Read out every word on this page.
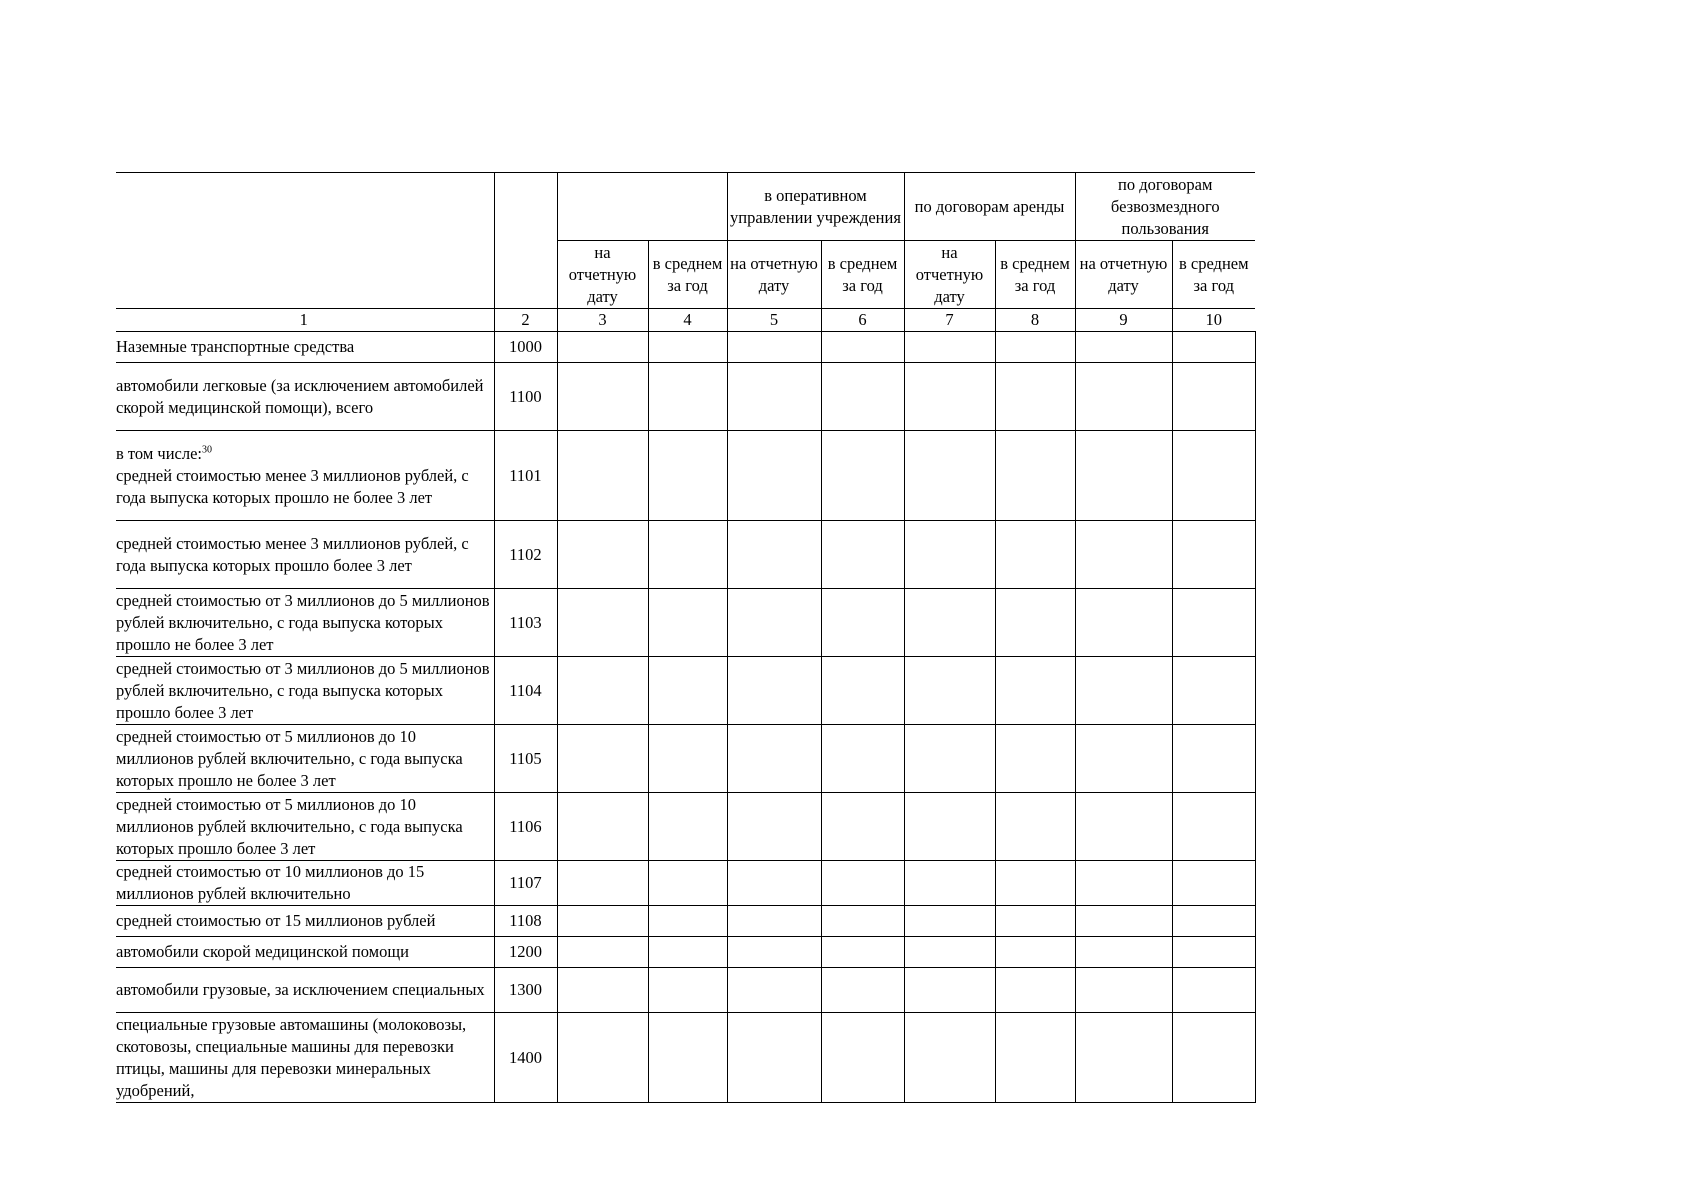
				в оперативном управлении учреждения		по договорам аренды		по договорам безвозмездного пользования	
		на отчетную дату	в среднем за год	на отчетную дату	в среднем за год	на отчетную дату	в среднем за год	на отчетную дату	в среднем за год
1	2	3	4	5	6	7	8	9	10
Наземные транспортные средства	1000								
автомобили легковые (за исключением автомобилей скорой медицинской помощи), всего	1100								

в том числе:$^{30}$
средней стоимостью менее 3 миллионов рублей, с года выпуска которых прошло не более 3 лет	1101								
средней стоимостью менее 3 миллионов рублей, с года выпуска которых прошло более 3 лет	1102								
средней стоимостью от 3 миллионов до 5 миллионов рублей включительно, с года выпуска которых прошло не более 3 лет	1103								
средней стоимостью от 3 миллионов до 5 миллионов рублей включительно, с года выпуска которых прошло более 3 лет	1104								
средней стоимостью от 5 миллионов до 10 миллионов рублей включительно, с года выпуска которых прошло не более 3 лет	1105								
средней стоимостью от 5 миллионов до 10 миллионов рублей включительно, с года выпуска которых прошло более 3 лет	1106								
средней стоимостью от 10 миллионов до 15 миллионов рублей включительно	1107								
средней стоимостью от 15 миллионов рублей	1108								
автомобили скорой медицинской помощи	1200								
автомобили грузовые, за исключением специальных	1300								
специальные грузовые автомашины (молоковозы, скотовозы, специальные машины для перевозки птицы, машины для перевозки минеральных удобрений,	1400								
